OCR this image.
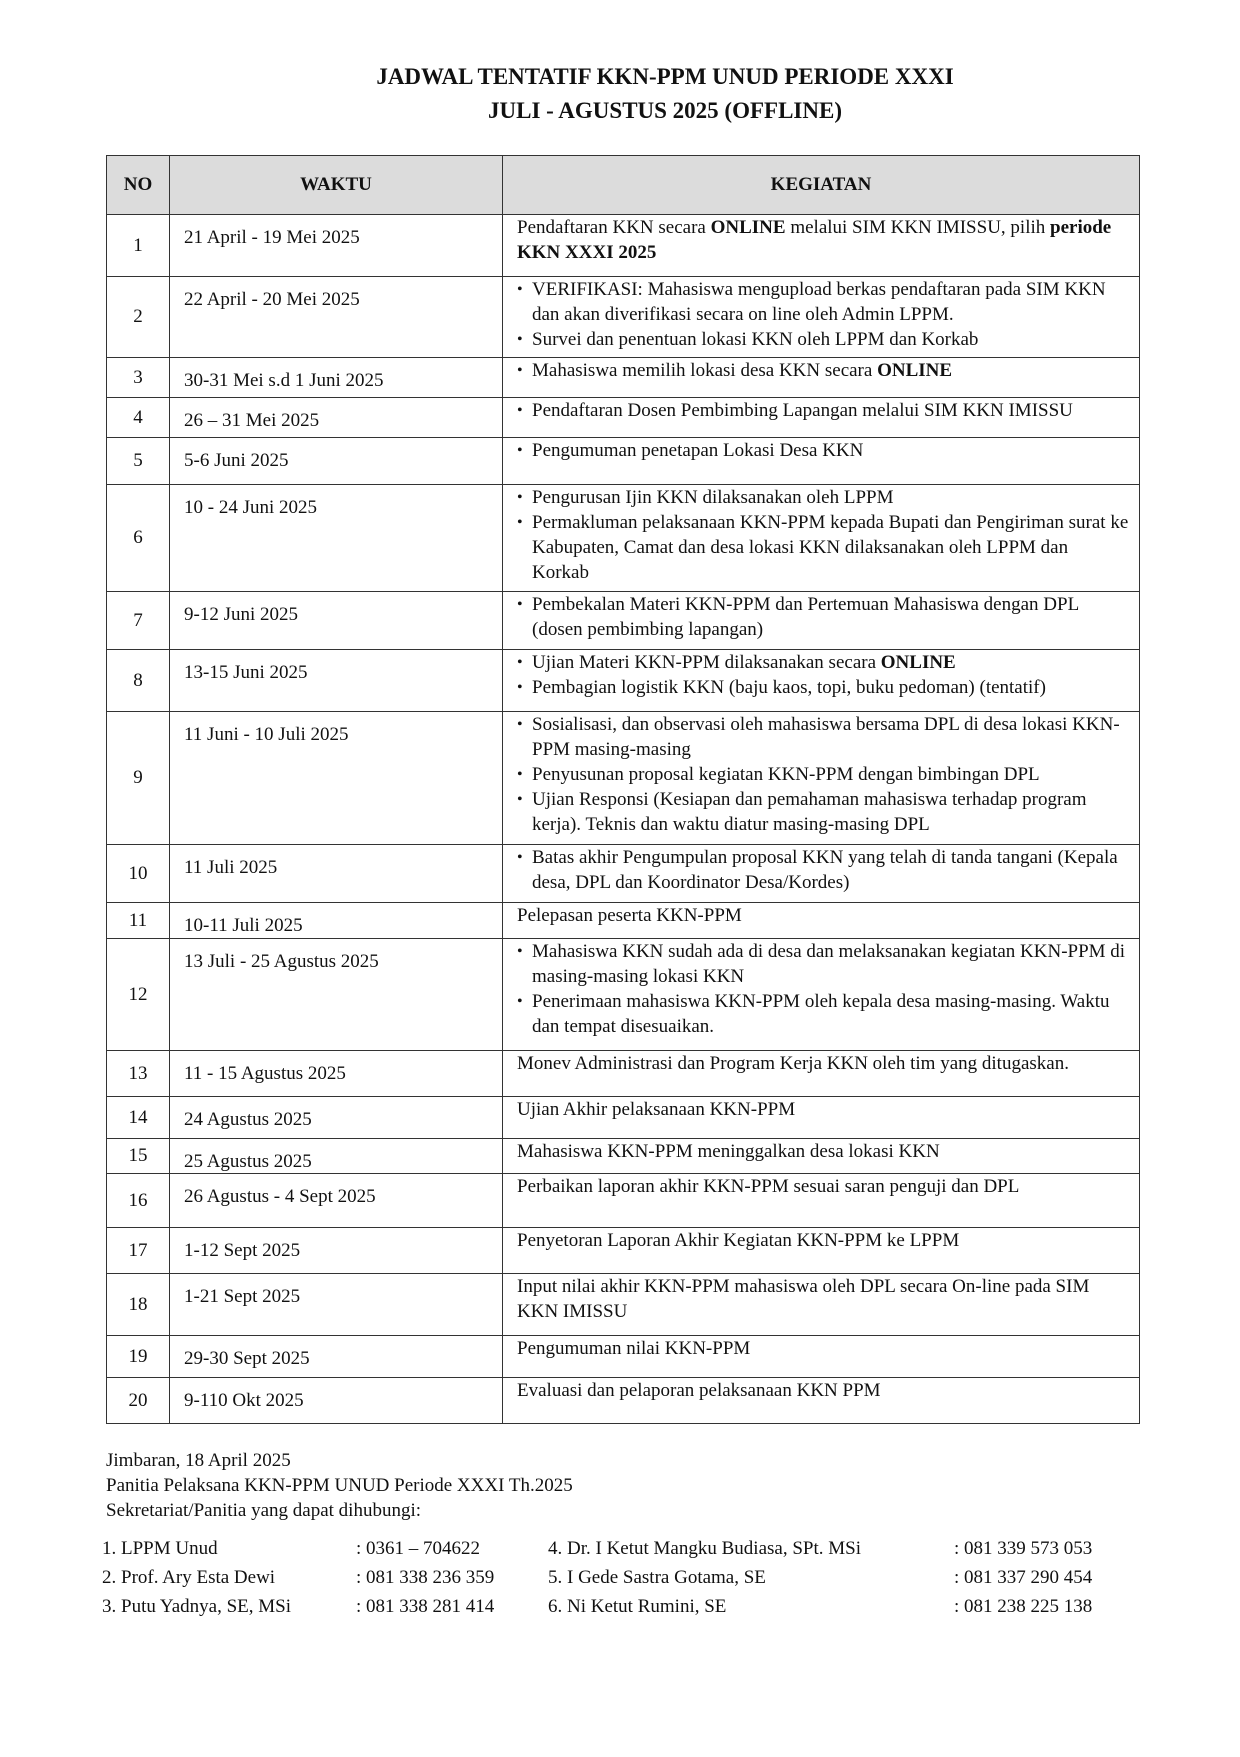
JADWAL TENTATIF KKN-PPM UNUD PERIODE XXXI
JULI - AGUSTUS 2025 (OFFLINE)
NO	WAKTU	KEGIATAN
1	21 April - 19 Mei 2025	Pendaftaran KKN secara ONLINE melalui SIM KKN IMISSU, pilih periode KKN XXXI 2025

2	22 April - 20 Mei 2025	• VERIFIKASI: Mahasiswa mengupload berkas pendaftaran pada SIM KKN dan akan diverifikasi secara on line oleh Admin LPPM.
• Survei dan penentuan lokasi KKN oleh LPPM dan Korkab

3	30-31 Mei s.d 1 Juni 2025	• Mahasiswa memilih lokasi desa KKN secara ONLINE

4	26 – 31 Mei 2025	• Pendaftaran Dosen Pembimbing Lapangan melalui SIM KKN IMISSU

5	5-6 Juni 2025	• Pengumuman penetapan Lokasi Desa KKN

6	10 - 24 Juni 2025	• Pengurusan Ijin KKN dilaksanakan oleh LPPM
• Permakluman pelaksanaan KKN-PPM kepada Bupati dan Pengiriman surat ke Kabupaten, Camat dan desa lokasi KKN dilaksanakan oleh LPPM dan Korkab

7	9-12 Juni 2025	• Pembekalan Materi KKN-PPM dan Pertemuan Mahasiswa dengan DPL (dosen pembimbing lapangan)

8	13-15 Juni 2025	• Ujian Materi KKN-PPM dilaksanakan secara ONLINE
• Pembagian logistik KKN (baju kaos, topi, buku pedoman) (tentatif)

9	11 Juni - 10 Juli 2025	• Sosialisasi, dan observasi oleh mahasiswa bersama DPL di desa lokasi KKN-PPM masing-masing
• Penyusunan proposal kegiatan KKN-PPM dengan bimbingan DPL
• Ujian Responsi (Kesiapan dan pemahaman mahasiswa terhadap program kerja). Teknis dan waktu diatur masing-masing DPL

10	11 Juli 2025	• Batas akhir Pengumpulan proposal KKN yang telah di tanda tangani (Kepala desa, DPL dan Koordinator Desa/Kordes)

11	10-11 Juli 2025	Pelepasan peserta KKN-PPM

12	13 Juli - 25 Agustus 2025	• Mahasiswa KKN sudah ada di desa dan melaksanakan kegiatan KKN-PPM di masing-masing lokasi KKN
• Penerimaan mahasiswa KKN-PPM oleh kepala desa masing-masing. Waktu dan tempat disesuaikan.

13	11 - 15 Agustus 2025	Monev Administrasi dan Program Kerja KKN oleh tim yang ditugaskan.

14	24 Agustus 2025	Ujian Akhir pelaksanaan KKN-PPM

15	25 Agustus 2025	Mahasiswa KKN-PPM meninggalkan desa lokasi KKN

16	26 Agustus - 4 Sept 2025	Perbaikan laporan akhir KKN-PPM sesuai saran penguji dan DPL

17	1-12 Sept 2025	Penyetoran Laporan Akhir Kegiatan KKN-PPM ke LPPM

18	1-21 Sept 2025	Input nilai akhir KKN-PPM mahasiswa oleh DPL secara On-line pada SIM KKN IMISSU

19	29-30 Sept 2025	Pengumuman nilai KKN-PPM

20	9-110 Okt 2025	Evaluasi dan pelaporan pelaksanaan KKN PPM
Jimbaran, 18 April 2025
Panitia Pelaksana KKN-PPM UNUD Periode XXXI Th.2025
Sekretariat/Panitia yang dapat dihubungi:
1. LPPM Unud	: 0361 – 704622
2. Prof. Ary Esta Dewi	: 081 338 236 359
3. Putu Yadnya, SE, MSi	: 081 338 281 414
4. Dr. I Ketut Mangku Budiasa, SPt. MSi	: 081 339 573 053
5. I Gede Sastra Gotama, SE	: 081 337 290 454
6. Ni Ketut Rumini, SE	: 081 238 225 138
